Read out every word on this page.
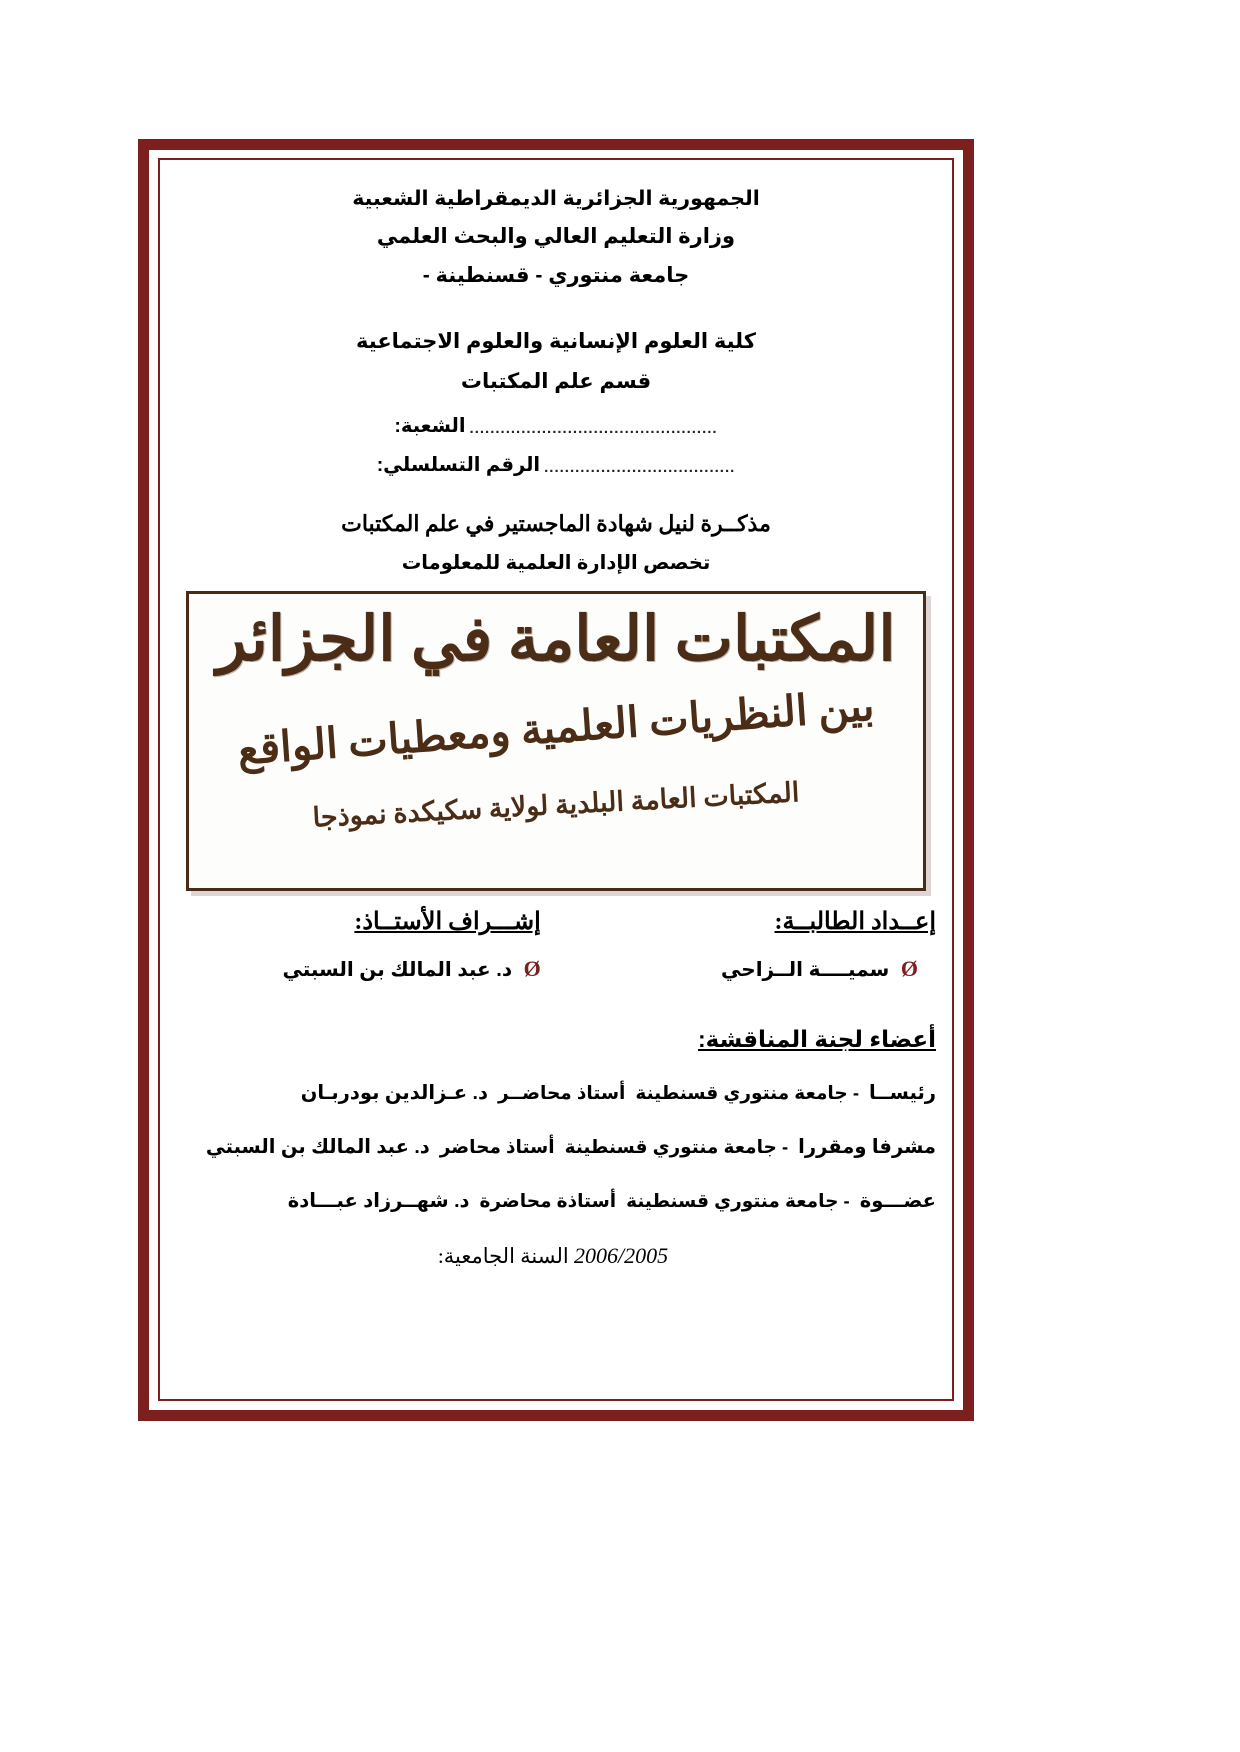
الجمهورية الجزائرية الديمقراطية الشعبية
وزارة التعليم العالي والبحث العلمي
جامعة منتوري - قسنطينة -
كلية العلوم الإنسانية والعلوم الاجتماعية
قسم علم المكتبات
................................................
الشعبة:
.....................................
الرقم التسلسلي:
مذكــرة لنيل شهادة الماجستير في علم المكتبات
تخصص الإدارة العلمية للمعلومات
المكتبات العامة في الجزائر
بين النظريات العلمية ومعطيات الواقع
المكتبات العامة البلدية لولاية سكيكدة نموذجا
إعــداد الطالبــة:
Ø سميــــة الــزاحي
إشـــراف الأستــاذ:
Ø د. عبد المالك بن السبتي
أعضاء لجنة المناقشة:
رئيســا
- جامعة منتوري قسنطينة
أستاذ محاضــر
د. عـزالدين بودربـان
مشرفا ومقررا
- جامعة منتوري قسنطينة
أستاذ محاضر
د. عبد المالك بن السبتي
عضـــوة
- جامعة منتوري قسنطينة
أستاذة محاضرة
د. شهــرزاد عبـــادة
2006/2005 السنة الجامعية:
